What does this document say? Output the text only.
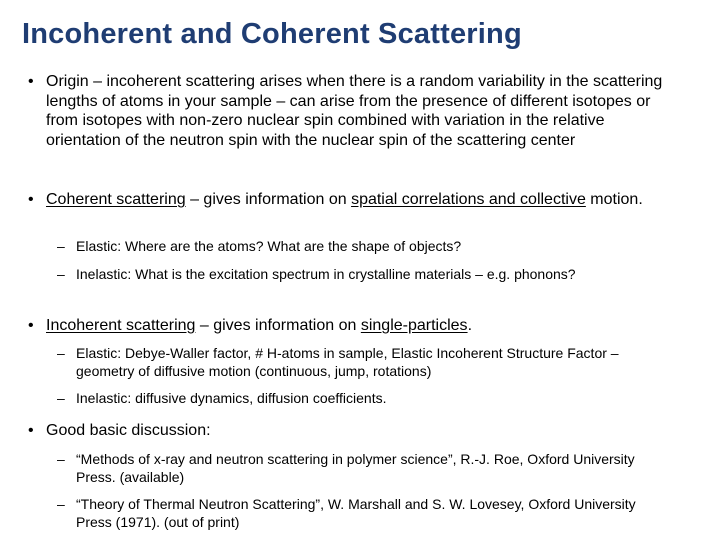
Incoherent and Coherent Scattering
• Origin – incoherent scattering arises when there is a random variability in the scattering lengths of atoms in your sample – can arise from the presence of different isotopes or from isotopes with non-zero nuclear spin combined with variation in the relative orientation of the neutron spin with the nuclear spin of the scattering center
• Coherent scattering – gives information on spatial correlations and collective motion.
– Elastic: Where are the atoms? What are the shape of objects?
– Inelastic: What is the excitation spectrum in crystalline materials – e.g. phonons?
• Incoherent scattering – gives information on single-particles.
– Elastic: Debye-Waller factor, # H-atoms in sample, Elastic Incoherent Structure Factor – geometry of diffusive motion (continuous, jump, rotations)
– Inelastic: diffusive dynamics, diffusion coefficients.
• Good basic discussion:
– “Methods of x-ray and neutron scattering in polymer science”, R.-J. Roe, Oxford University Press. (available)
– “Theory of Thermal Neutron Scattering”, W. Marshall and S. W. Lovesey, Oxford University Press (1971). (out of print)
